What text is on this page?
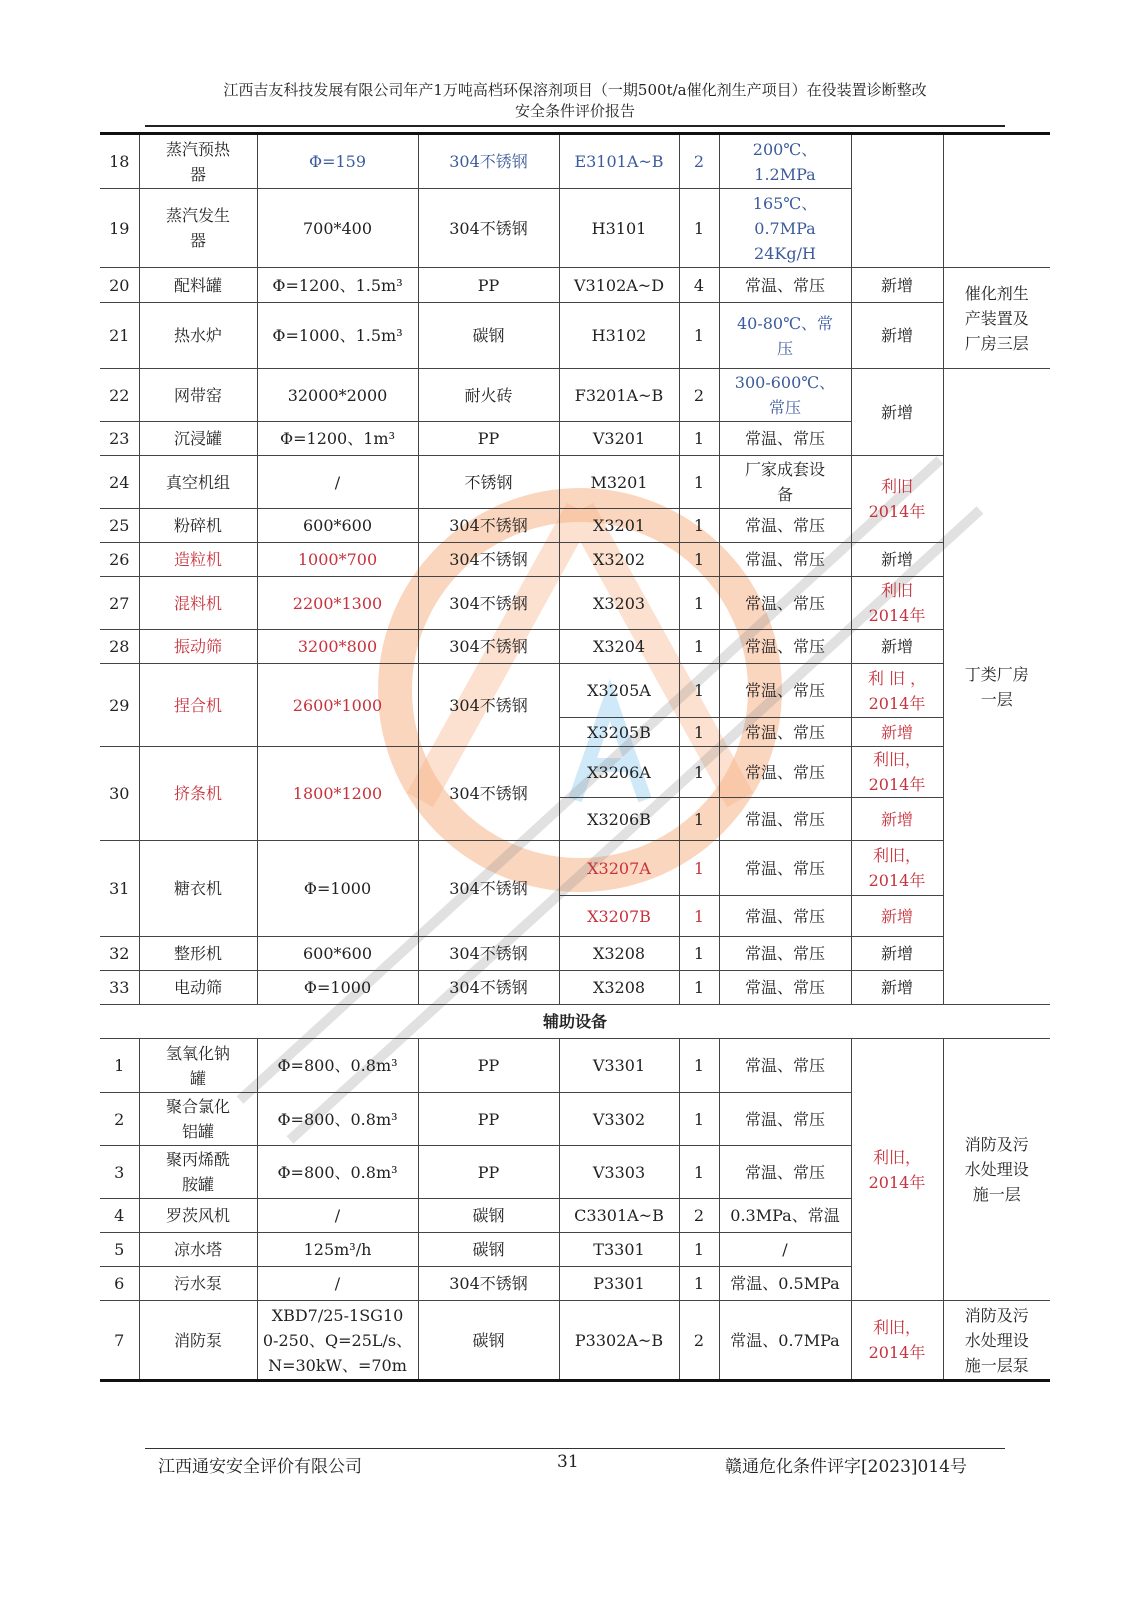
江西吉友科技发展有限公司年产1万吨高档环保溶剂项目（一期500t/a催化剂生产项目）在役装置诊断整改
安全条件评价报告
18	蒸汽预热
器	Φ=159	304不锈钢	E3101A~B	2	200℃、
1.2MPa		
19	蒸汽发生
器	700*400	304不锈钢	H3101	1	165℃、
0.7MPa
24Kg/H		
20	配料罐	Φ=1200、1.5m³	PP	V3102A~D	4	常温、常压	新增	催化剂生
产装置及
厂房三层
21	热水炉	Φ=1000、1.5m³	碳钢	H3102	1	40-80℃、常
压	新增	
22	网带窑	32000*2000	耐火砖	F3201A~B	2	300-600℃、
常压	新增	丁类厂房
一层
23	沉浸罐	Φ=1200、1m³	PP	V3201	1	常温、常压		
24	真空机组	/	不锈钢	M3201	1	厂家成套设
备	利旧
2014年	
25	粉碎机	600*600	304不锈钢	X3201	1	常温、常压		
26	造粒机	1000*700	304不锈钢	X3202	1	常温、常压	新增	
27	混料机	2200*1300	304不锈钢	X3203	1	常温、常压	利旧
2014年	
28	振动筛	3200*800	304不锈钢	X3204	1	常温、常压	新增	
29	捏合机	2600*1000	304不锈钢	X3205A	1	常温、常压	利 旧 ，
2014年	
				X3205B	1	常温、常压	新增	
30	挤条机	1800*1200	304不锈钢	X3206A	1	常温、常压	利旧，
2014年	
				X3206B	1	常温、常压	新增	
31	糖衣机	Φ=1000	304不锈钢	X3207A	1	常温、常压	利旧，
2014年	
				X3207B	1	常温、常压	新增	
32	整形机	600*600	304不锈钢	X3208	1	常温、常压	新增	
33	电动筛	Φ=1000	304不锈钢	X3208	1	常温、常压	新增	
辅助设备								
1	氢氧化钠
罐	Φ=800、0.8m³	PP	V3301	1	常温、常压	利旧，
2014年	消防及污
水处理设
施一层
2	聚合氯化
铝罐	Φ=800、0.8m³	PP	V3302	1	常温、常压		
3	聚丙烯酰
胺罐	Φ=800、0.8m³	PP	V3303	1	常温、常压		
4	罗茨风机	/	碳钢	C3301A~B	2	0.3MPa、常温		
5	凉水塔	125m³/h	碳钢	T3301	1	/		
6	污水泵	/	304不锈钢	P3301	1	常温、0.5MPa		
7	消防泵	XBD7/25-1SG10
0-250、Q=25L/s、
N=30kW、=70m	碳钢	P3302A~B	2	常温、0.7MPa	利旧，
2014年	消防及污
水处理设
施一层泵
江西通安安全评价有限公司	31	赣通危化条件评字[2023]014号
